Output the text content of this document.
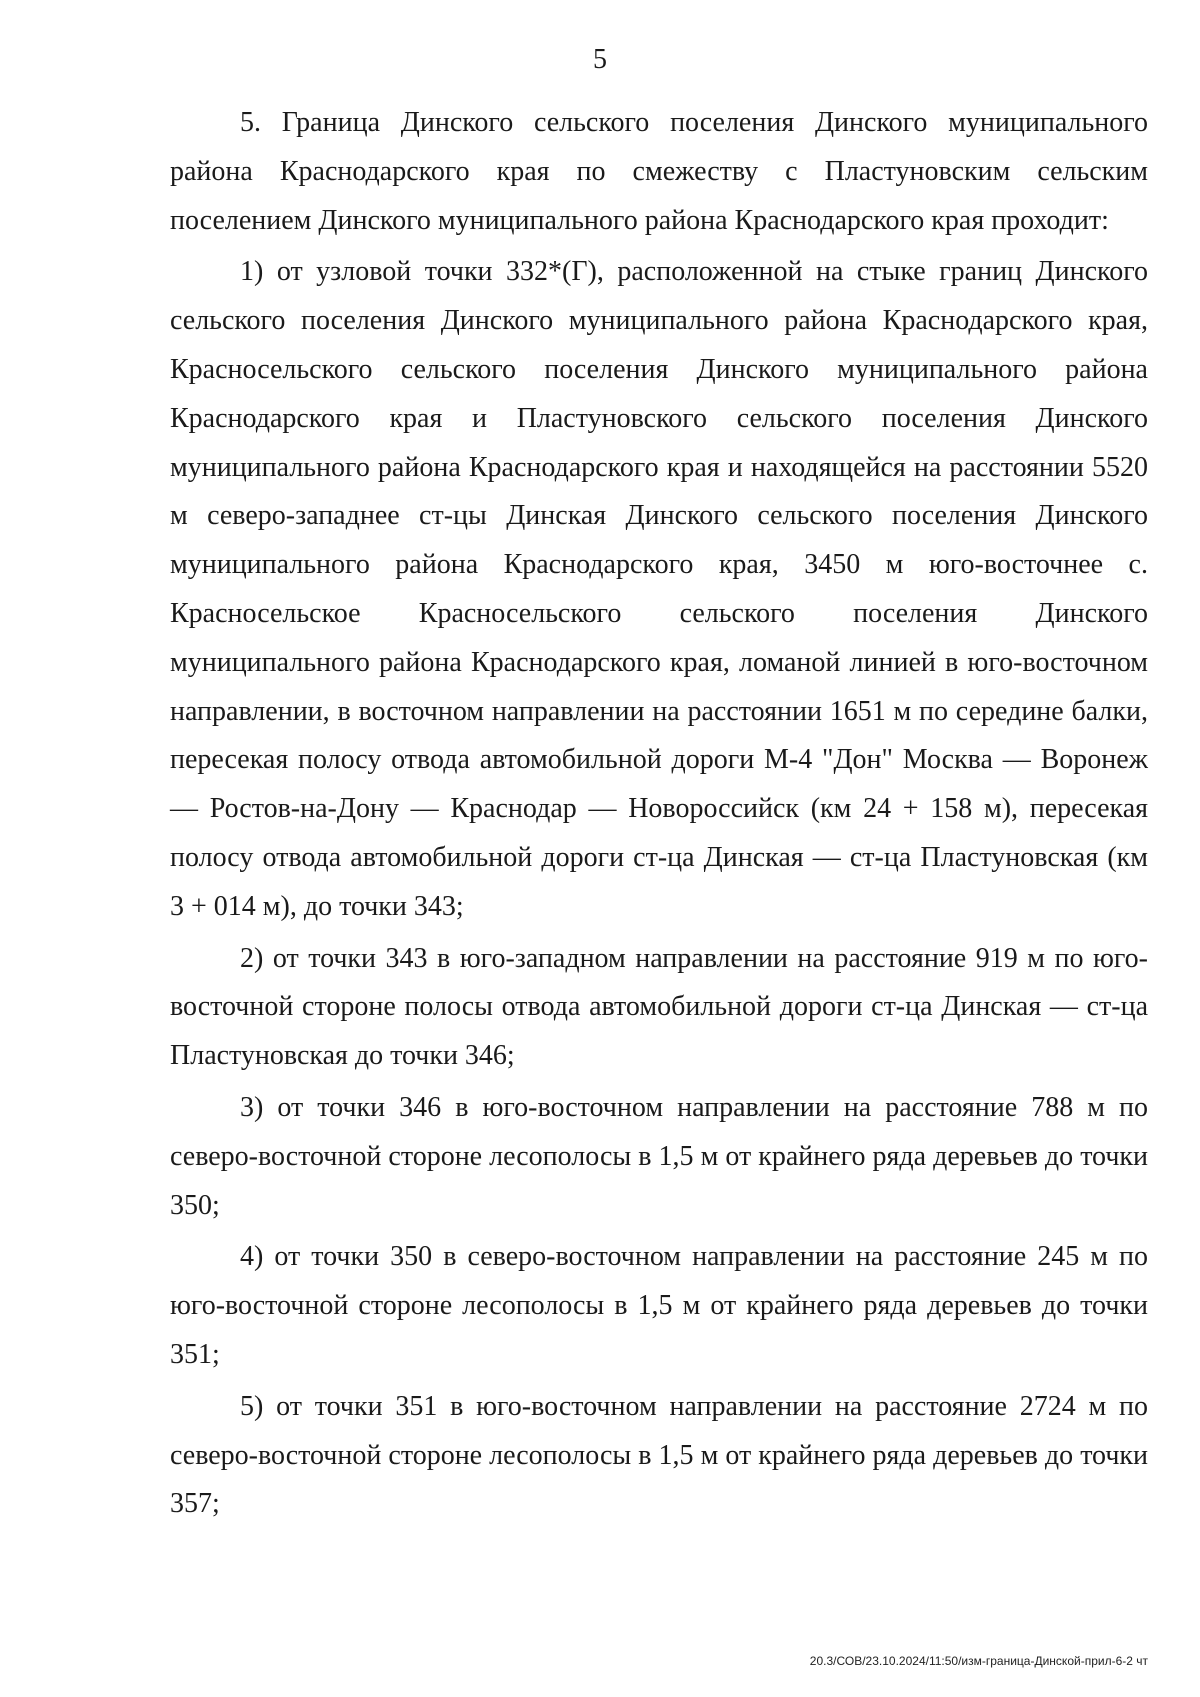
5

5. Граница Динского сельского поселения Динского муниципального района Краснодарского края по смежеству с Пластуновским сельским поселением Динского муниципального района Краснодарского края проходит:

1) от узловой точки 332*(Г), расположенной на стыке границ Динского сельского поселения Динского муниципального района Краснодарского края, Красносельского сельского поселения Динского муниципального района Краснодарского края и Пластуновского сельского поселения Динского муниципального района Краснодарского края и находящейся на расстоянии 5520 м северо-западнее ст-цы Динская Динского сельского поселения Динского муниципального района Краснодарского края, 3450 м юго-восточнее с. Красносельское Красносельского сельского поселения Динского муниципального района Краснодарского края, ломаной линией в юго-восточном направлении, в восточном направлении на расстоянии 1651 м по середине балки, пересекая полосу отвода автомобильной дороги М-4 "Дон" Москва — Воронеж — Ростов-на-Дону — Краснодар — Новороссийск (км 24 + 158 м), пересекая полосу отвода автомобильной дороги ст-ца Динская — ст-ца Пластуновская (км 3 + 014 м), до точки 343;

2) от точки 343 в юго-западном направлении на расстояние 919 м по юго-восточной стороне полосы отвода автомобильной дороги ст-ца Динская — ст-ца Пластуновская до точки 346;

3) от точки 346 в юго-восточном направлении на расстояние 788 м по северо-восточной стороне лесополосы в 1,5 м от крайнего ряда деревьев до точки 350;

4) от точки 350 в северо-восточном направлении на расстояние 245 м по юго-восточной стороне лесополосы в 1,5 м от крайнего ряда деревьев до точки 351;

5) от точки 351 в юго-восточном направлении на расстояние 2724 м по северо-восточной стороне лесополосы в 1,5 м от крайнего ряда деревьев до точки 357;

20.3/СОВ/23.10.2024/11:50/изм-граница-Динской-прил-6-2 чт
